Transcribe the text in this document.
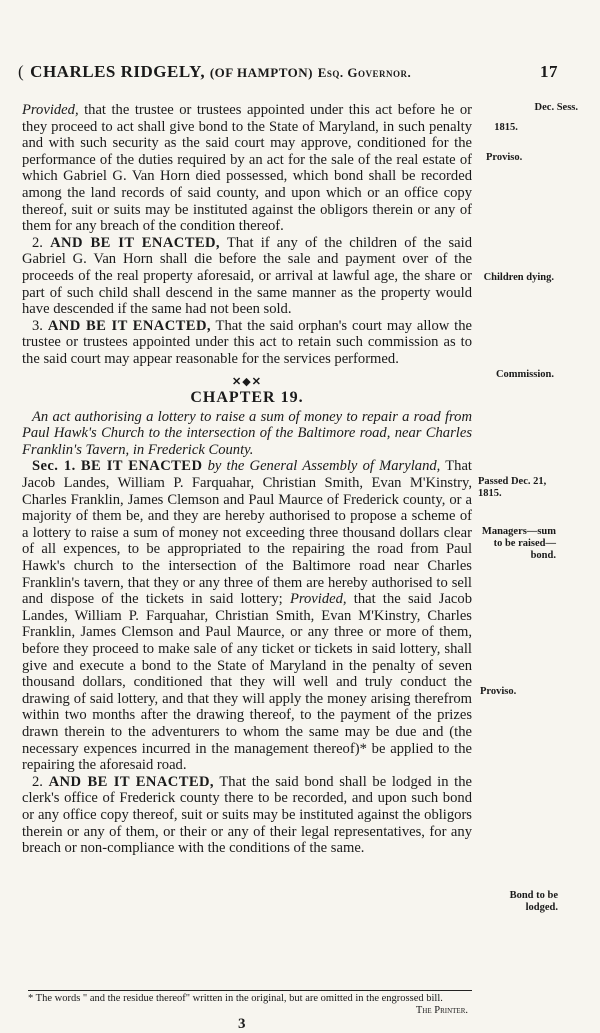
( CHARLES RIDGELY, (OF HAMPTON) Esq. Governor.	17
Dec. Sess.
1815.
Proviso.
Children dying.
Commission.
Passed Dec. 21, 1815.
Managers—sum to be raised—bond.
Proviso.
Bond to be lodged.

Provided, that the trustee or trustees appointed under this act before he or they proceed to act shall give bond to the State of Maryland, in such penalty and with such security as the said court may approve, conditioned for the performance of the duties required by an act for the sale of the real estate of which Gabriel G. Van Horn died possessed, which bond shall be recorded among the land records of said county, and upon which or an office copy thereof, suit or suits may be instituted against the obligors therein or any of them for any breach of the condition thereof.

2. AND BE IT ENACTED, That if any of the children of the said Gabriel G. Van Horn shall die before the sale and payment over of the proceeds of the real property aforesaid, or arrival at lawful age, the share or part of such child shall descend in the same manner as the property would have descended if the same had not been sold.

3. AND BE IT ENACTED, That the said orphan's court may allow the trustee or trustees appointed under this act to retain such commission as to the said court may appear reasonable for the services performed.

✕◆✕
CHAPTER 19.

An act authorising a lottery to raise a sum of money to repair a road from Paul Hawk's Church to the intersection of the Baltimore road, near Charles Franklin's Tavern, in Frederick County.

Sec. 1. BE IT ENACTED by the General Assembly of Maryland, That Jacob Landes, William P. Farquahar, Christian Smith, Evan M'Kinstry, Charles Franklin, James Clemson and Paul Maurce of Frederick county, or a majority of them be, and they are hereby authorised to propose a scheme of a lottery to raise a sum of money not exceeding three thousand dollars clear of all expences, to be appropriated to the repairing the road from Paul Hawk's church to the intersection of the Baltimore road near Charles Franklin's tavern, that they or any three of them are hereby authorised to sell and dispose of the tickets in said lottery; Provided, that the said Jacob Landes, William P. Farquahar, Christian Smith, Evan M'Kinstry, Charles Franklin, James Clemson and Paul Maurce, or any three or more of them, before they proceed to make sale of any ticket or tickets in said lottery, shall give and execute a bond to the State of Maryland in the penalty of seven thousand dollars, conditioned that they will well and truly conduct the drawing of said lottery, and that they will apply the money arising therefrom within two months after the drawing thereof, to the payment of the prizes drawn therein to the adventurers to whom the same may be due and (the necessary expences incurred in the management thereof)* be applied to the repairing the aforesaid road.

2. AND BE IT ENACTED, That the said bond shall be lodged in the clerk's office of Frederick county there to be recorded, and upon such bond or any office copy thereof, suit or suits may be instituted against the obligors therein or any of them, or their or any of their legal representatives, for any breach or non-compliance with the conditions of the same.

* The words " and the residue thereof" written in the original, but are omitted in the engrossed bill.
The Printer.
3
